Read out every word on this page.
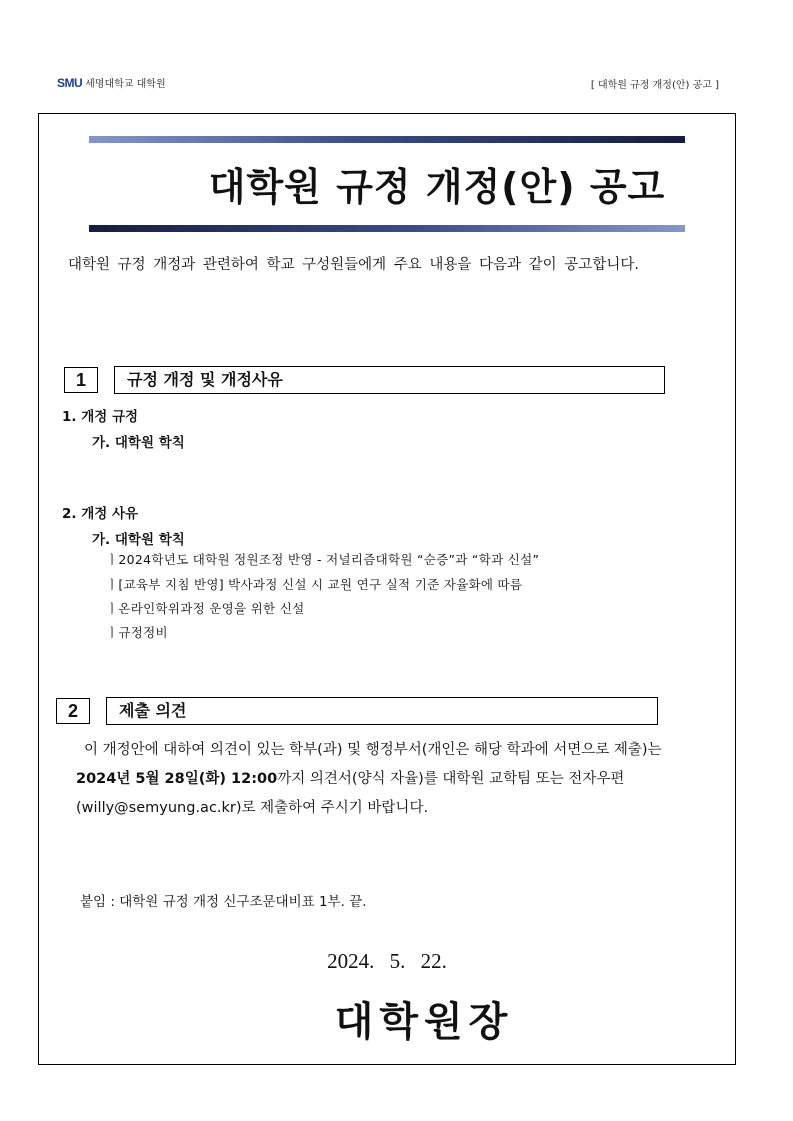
SMU 세명대학교 대학원	[ 대학원 규정 개정(안) 공고 ]
대학원 규정 개정(안) 공고
대학원 규정 개정과 관련하여 학교 구성원들에게 주요 내용을 다음과 같이 공고합니다.
1	규정 개정 및 개정사유
1. 개정 규정
가. 대학원 학칙
2. 개정 사유
가. 대학원 학칙
ㅣ2024학년도 대학원 정원조정 반영 - 저널리즘대학원 “순증”과 “학과 신설”
ㅣ[교육부 지침 반영] 박사과정 신설 시 교원 연구 실적 기준 자율화에 따름
ㅣ온라인학위과정 운영을 위한 신설
ㅣ규정정비
2	제출 의견
이 개정안에 대하여 의견이 있는 학부(과) 및 행정부서(개인은 해당 학과에 서면으로 제출)는
2024년 5월 28일(화) 12:00까지 의견서(양식 자율)를 대학원 교학팀 또는 전자우편
(willy@semyung.ac.kr)로 제출하여 주시기 바랍니다.
붙임 : 대학원 규정 개정 신구조문대비표 1부. 끝.
2024. 5. 22.
대학원장
